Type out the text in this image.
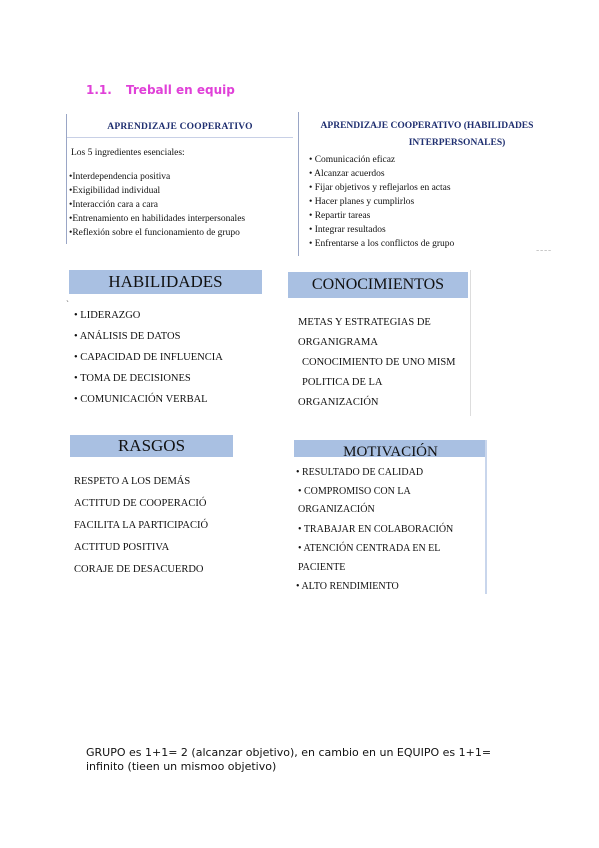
1.1. Treball en equip
APRENDIZAJE COOPERATIVO
Los 5 ingredientes esenciales:
•Interdependencia positiva
•Exigibilidad individual
•Interacción cara a cara
•Entrenamiento en habilidades interpersonales
•Reflexión sobre el funcionamiento de grupo
APRENDIZAJE COOPERATIVO (HABILIDADES
INTERPERSONALES)
• Comunicación eficaz
• Alcanzar acuerdos
• Fijar objetivos y reflejarlos en actas
• Hacer planes y cumplirlos
• Repartir tareas
• Integrar resultados
• Enfrentarse a los conflictos de grupo
~ ~ ~ ~
HABILIDADES
ˏ
• LIDERAZGO
• ANÁLISIS DE DATOS
• CAPACIDAD DE INFLUENCIA
• TOMA DE DECISIONES
• COMUNICACIÓN VERBAL
CONOCIMIENTOS
METAS Y ESTRATEGIAS DE
ORGANIGRAMA
CONOCIMIENTO DE UNO MISM
POLITICA DE LA
ORGANIZACIÓN
RASGOS
RESPETO A LOS DEMÁS
ACTITUD DE COOPERACIÓ
FACILITA LA PARTICIPACIÓ
ACTITUD POSITIVA
CORAJE DE DESACUERDO
MOTIVACIÓN
• RESULTADO DE CALIDAD
• COMPROMISO CON LA
ORGANIZACIÓN
• TRABAJAR EN COLABORACIÓN
• ATENCIÓN CENTRADA EN EL
PACIENTE
• ALTO RENDIMIENTO
GRUPO es 1+1= 2 (alcanzar objetivo), en cambio en un EQUIPO es 1+1= infinito (tieen un mismoo objetivo)
